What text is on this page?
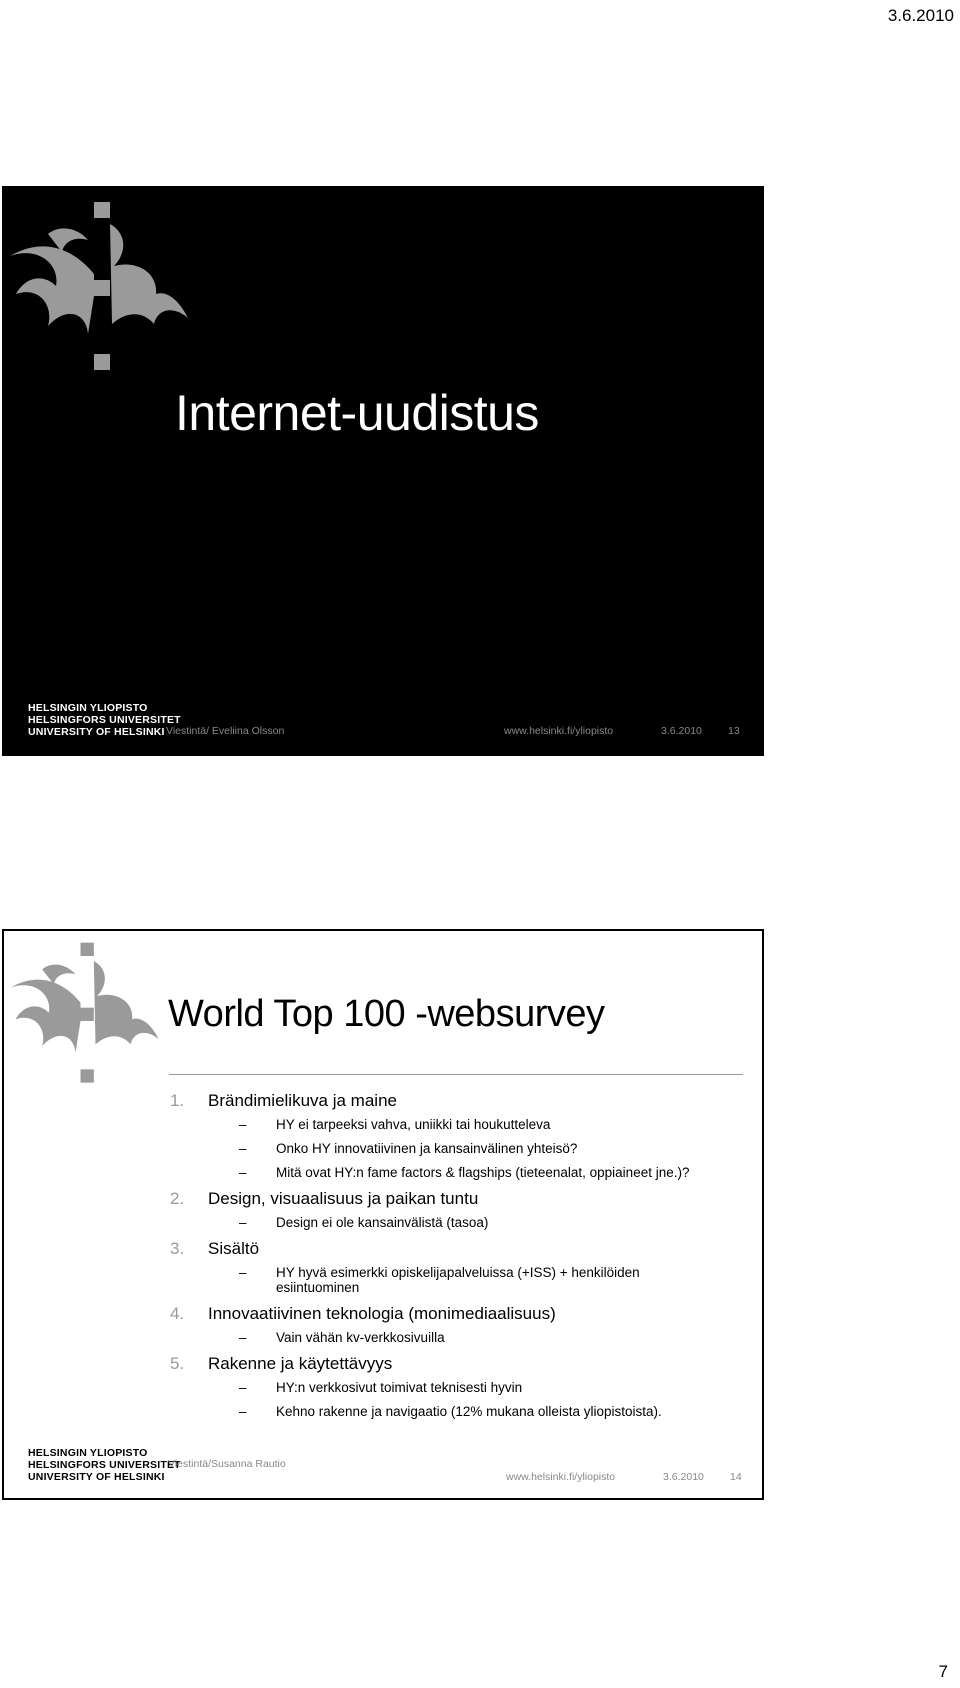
3.6.2010
Internet-uudistus
HELSINGIN YLIOPISTO
HELSINGFORS UNIVERSITET
UNIVERSITY OF HELSINKI Viestintä/ Eveliina Olsson	www.helsinki.fi/yliopisto	3.6.2010 13
World Top 100 -websurvey
1. Brändimielikuva ja maine
– HY ei tarpeeksi vahva, uniikki tai houkutteleva
– Onko HY innovatiivinen ja kansainvälinen yhteisö?
– Mitä ovat HY:n fame factors & flagships (tieteenalat, oppiaineet jne.)?
2. Design, visuaalisuus ja paikan tuntu
– Design ei ole kansainvälistä (tasoa)
3. Sisältö
– HY hyvä esimerkki opiskelijapalveluissa (+ISS) + henkilöiden esiintuominen
4. Innovaatiivinen teknologia (monimediaalisuus)
– Vain vähän kv-verkkosivuilla
5. Rakenne ja käytettävyys
– HY:n verkkosivut toimivat teknisesti hyvin
– Kehno rakenne ja navigaatio (12% mukana olleista yliopistoista).
HELSINGIN YLIOPISTO
HELSINGFORS UNIVERSITET
UNIVERSITY OF HELSINKI
Viestintä/Susanna Rautio
www.helsinki.fi/yliopisto	3.6.2010 14
7
